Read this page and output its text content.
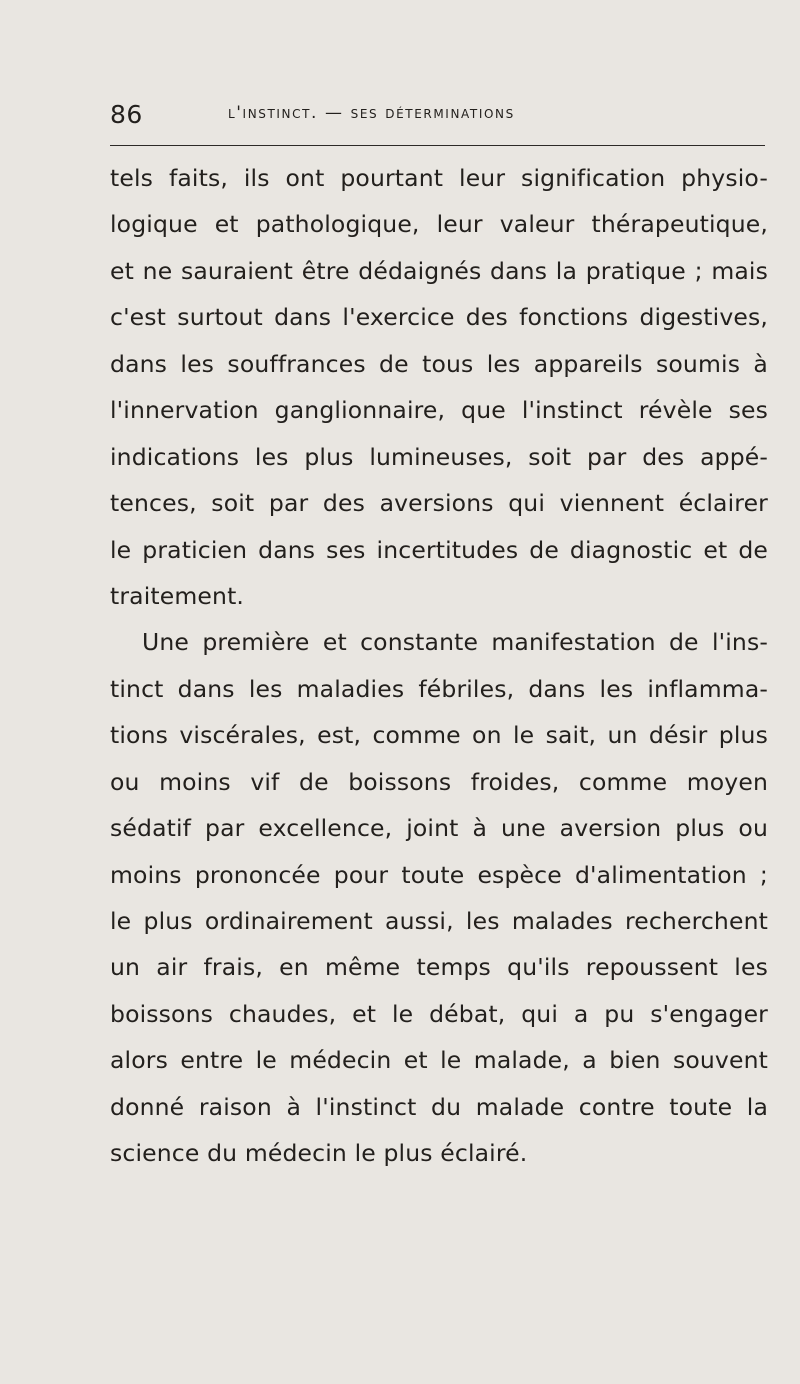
86	l'instinct. — ses déterminations
tels faits, ils ont pourtant leur signification physio-
logique et pathologique, leur valeur thérapeutique,
et ne sauraient être dédaignés dans la pratique ; mais
c'est surtout dans l'exercice des fonctions digestives,
dans les souffrances de tous les appareils soumis à
l'innervation ganglionnaire, que l'instinct révèle ses
indications les plus lumineuses, soit par des appé-
tences, soit par des aversions qui viennent éclairer
le praticien dans ses incertitudes de diagnostic et de
traitement.
Une première et constante manifestation de l'ins-
tinct dans les maladies fébriles, dans les inflamma-
tions viscérales, est, comme on le sait, un désir plus
ou moins vif de boissons froides, comme moyen
sédatif par excellence, joint à une aversion plus ou
moins prononcée pour toute espèce d'alimentation ;
le plus ordinairement aussi, les malades recherchent
un air frais, en même temps qu'ils repoussent les
boissons chaudes, et le débat, qui a pu s'engager
alors entre le médecin et le malade, a bien souvent
donné raison à l'instinct du malade contre toute la
science du médecin le plus éclairé.
